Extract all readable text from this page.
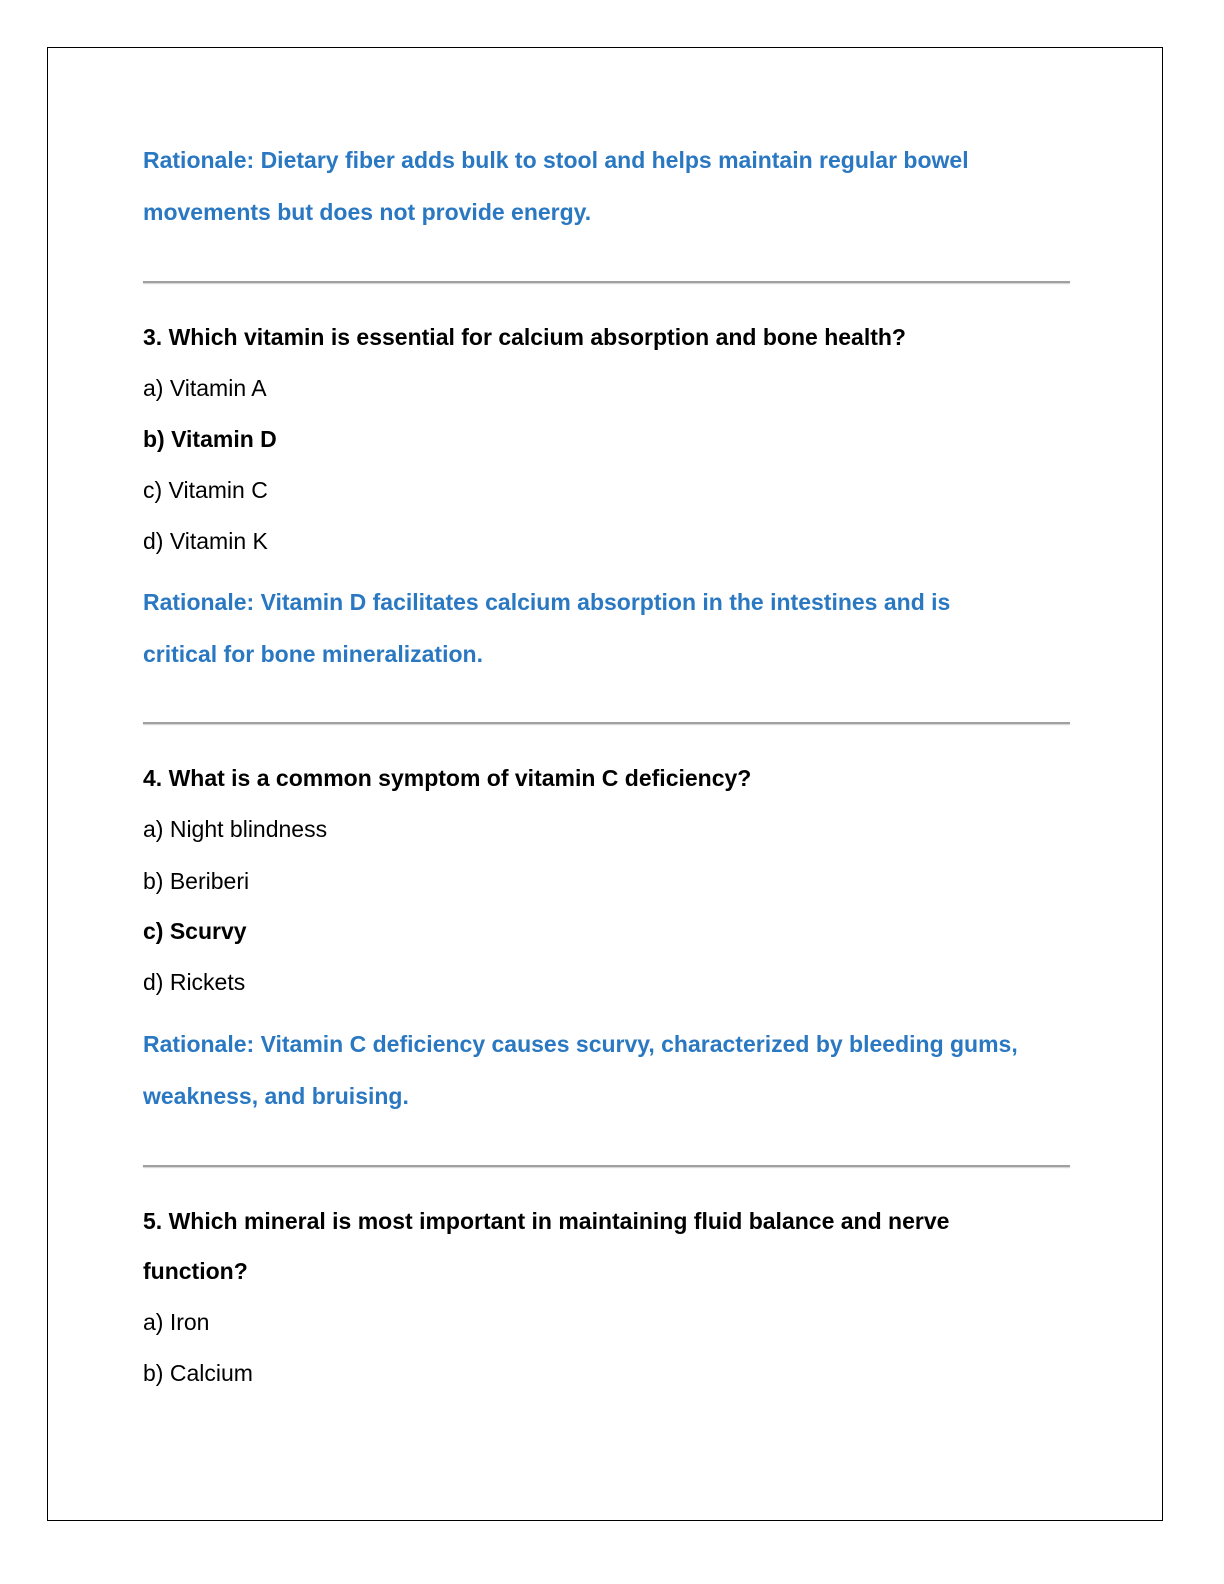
Rationale: Dietary fiber adds bulk to stool and helps maintain regular bowel
movements but does not provide energy.
3. Which vitamin is essential for calcium absorption and bone health?
a) Vitamin A
b) Vitamin D
c) Vitamin C
d) Vitamin K
Rationale: Vitamin D facilitates calcium absorption in the intestines and is
critical for bone mineralization.
4. What is a common symptom of vitamin C deficiency?
a) Night blindness
b) Beriberi
c) Scurvy
d) Rickets
Rationale: Vitamin C deficiency causes scurvy, characterized by bleeding gums,
weakness, and bruising.
5. Which mineral is most important in maintaining fluid balance and nerve
function?
a) Iron
b) Calcium
